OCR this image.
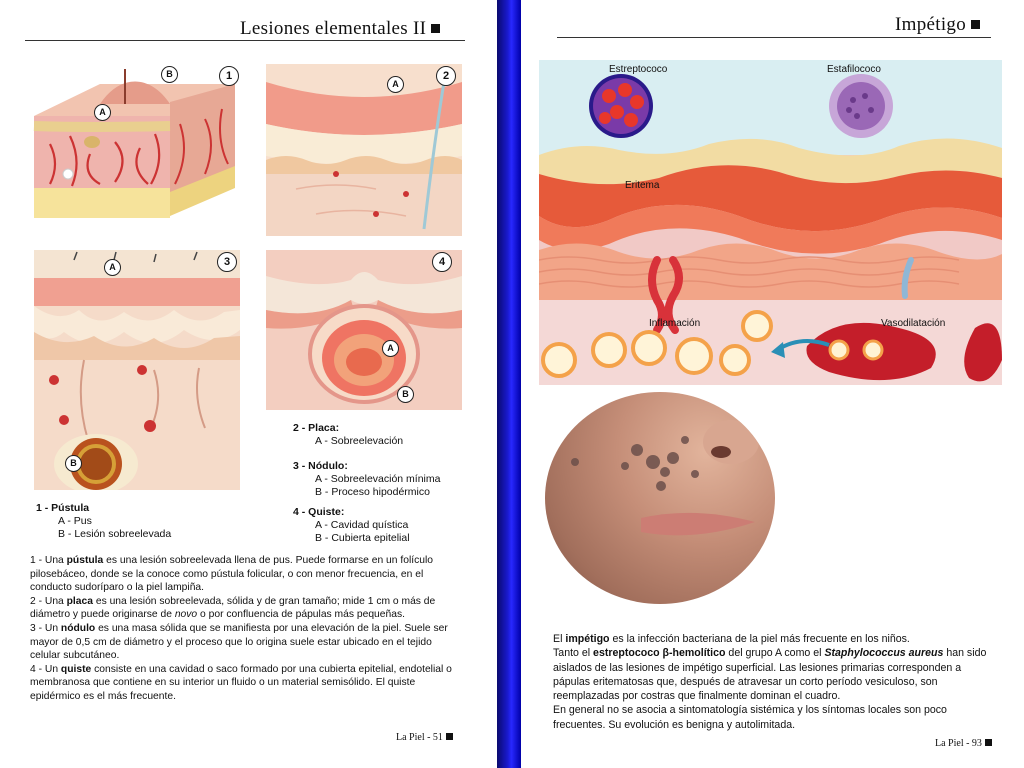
Lesiones elementales II
A
B	1
A
2
A
B
3
A
B
4
1 - Pústula
A - Pus
B - Lesión sobreelevada
2 - Placa:
A - Sobreelevación
3 - Nódulo:
A - Sobreelevación mínima
B - Proceso hipodérmico
4 - Quiste:
A - Cavidad quística
B - Cubierta epitelial

1 - Una pústula es una lesión sobreelevada llena de pus. Puede formarse en un folículo pilosebáceo, donde se la conoce como pústula folicular, o con menor frecuencia, en el conducto sudoríparo o la piel lampiña.

2 - Una placa es una lesión sobreelevada, sólida y de gran tamaño; mide 1 cm o más de diámetro y puede originarse de novo o por confluencia de pápulas más pequeñas.

3 - Un nódulo es una masa sólida que se manifiesta por una elevación de la piel. Suele ser mayor de 0,5 cm de diámetro y el proceso que lo origina suele estar ubicado en el tejido celular subcutáneo.

4 - Un quiste consiste en una cavidad o saco formado por una cubierta epitelial, endotelial o membranosa que contiene en su interior un fluido o un material semisólido. El quiste epidérmico es el más frecuente.

La Piel - 51
Impétigo
Estreptococo	Estafilococo
Eritema
Inflamación	Vasodilatación

El impétigo es la infección bacteriana de la piel más frecuente en los niños.

Tanto el estreptococo β-hemolítico del grupo A como el Staphylococcus aureus han sido aislados de las lesiones de impétigo superficial. Las lesiones primarias corresponden a pápulas eritematosas que, después de atravesar un corto período vesiculoso, son reemplazadas por costras que finalmente dominan el cuadro.

En general no se asocia a sintomatología sistémica y los síntomas locales son poco frecuentes. Su evolución es benigna y autolimitada.

La Piel - 93
